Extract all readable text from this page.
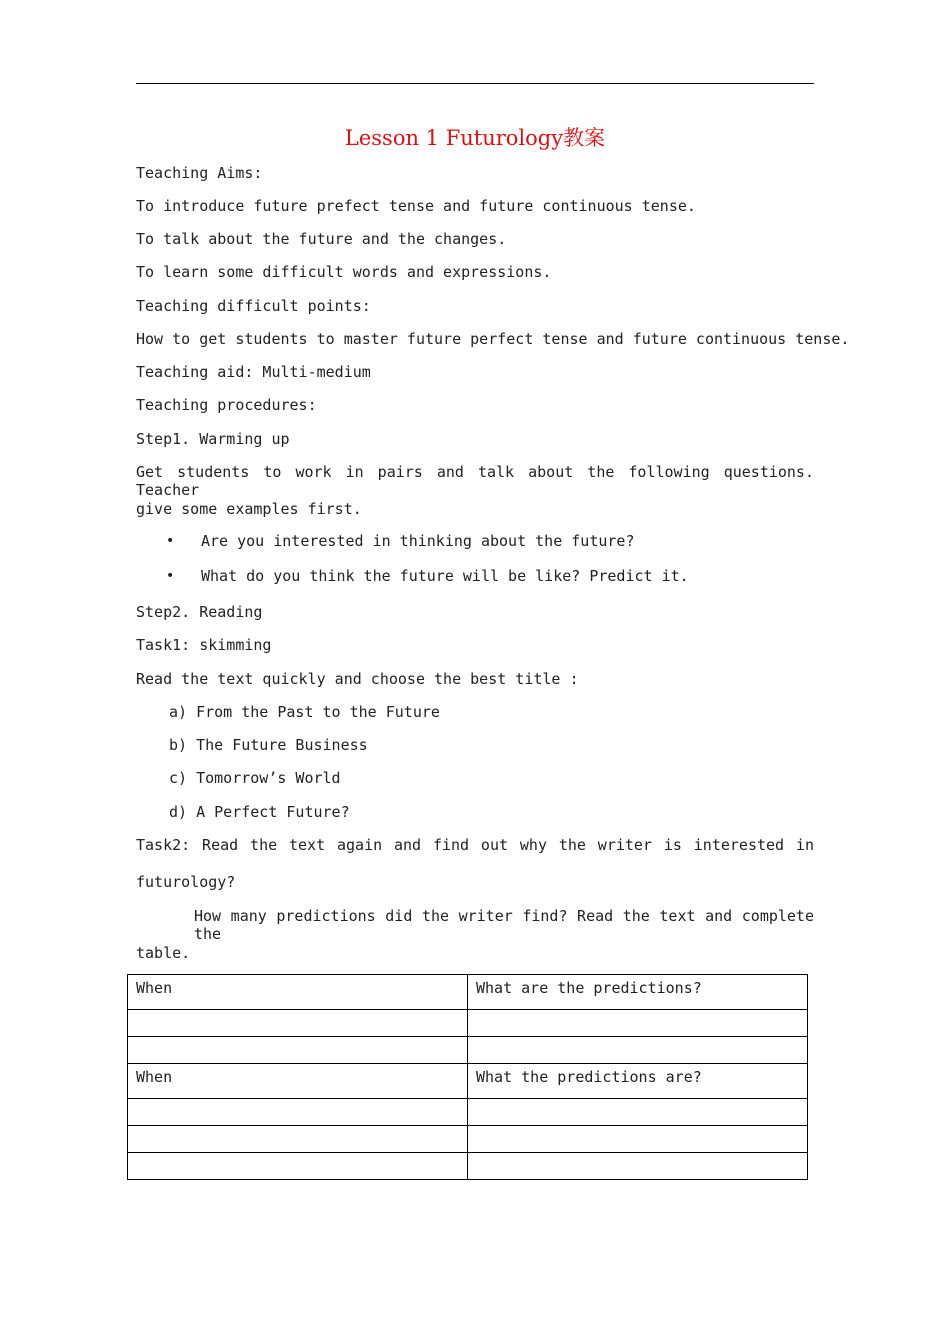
Lesson 1 Futurology教案
Teaching Aims:
To introduce future prefect tense and future continuous tense.
To talk about the future and the changes.
To learn some difficult words and expressions.
Teaching difficult points:
How to get students to master future perfect tense and future continuous tense.
Teaching aid: Multi-medium
Teaching procedures:
Step1. Warming up
Get students to work in pairs and talk about the following questions. Teacher
give some examples first.
• Are you interested in thinking about the future?
• What do you think the future will be like? Predict it.
Step2. Reading
Task1: skimming
Read the text quickly and choose the best title :
a) From the Past to the Future
b) The Future Business
c) Tomorrow’s World
d) A Perfect Future?
Task2: Read the text again and find out why the writer is interested in
futurology?
How many predictions did the writer find? Read the text and complete the
table.
When	What are the predictions?

When	What the predictions are?
